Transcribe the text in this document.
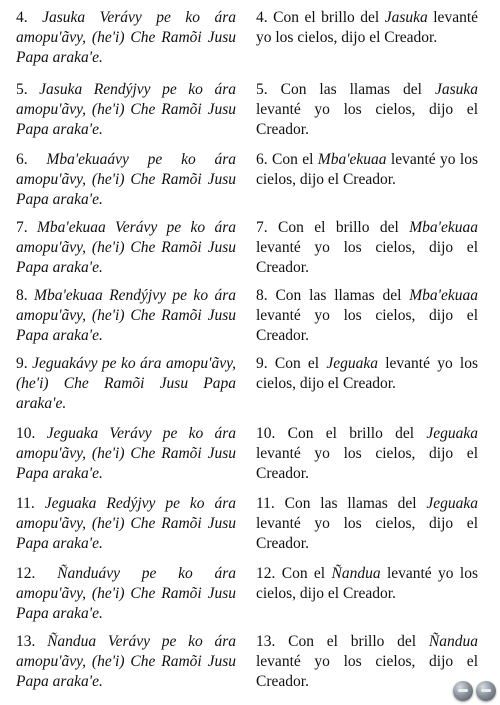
4. Jasuka Verávy pe ko ára amopu'ãvy, (he'i) Che Ramõi Jusu Papa araka'e.

5. Jasuka Rendýjvy pe ko ára amopu'ãvy, (he'i) Che Ramõi Jusu Papa araka'e.

6. Mba'ekuaávy pe ko ára amopu'ãvy, (he'i) Che Ramõi Jusu Papa araka'e.

7. Mba'ekuaa Verávy pe ko ára amopu'ãvy, (he'i) Che Ramõi Jusu Papa araka'e.

8. Mba'ekuaa Rendýjvy pe ko ára amopu'ãvy, (he'i) Che Ramõi Jusu Papa araka'e.

9. Jeguakávy pe ko ára amopu'ãvy, (he'i) Che Ramõi Jusu Papa araka'e.

10. Jeguaka Verávy pe ko ára amopu'ãvy, (he'i) Che Ramõi Jusu Papa araka'e.

11. Jeguaka Redýjvy pe ko ára amopu'ãvy, (he'i) Che Ramõi Jusu Papa araka'e.

12. Ñanduávy pe ko ára amopu'ãvy, (he'i) Che Ramõi Jusu Papa araka'e.

13. Ñandua Verávy pe ko ára amopu'ãvy, (he'i) Che Ramõi Jusu Papa araka'e.

4. Con el brillo del Jasuka levanté yo los cielos, dijo el Creador.

5. Con las llamas del Jasuka levanté yo los cielos, dijo el Creador.

6. Con el Mba'ekuaa levanté yo los cielos, dijo el Creador.

7. Con el brillo del Mba'ekuaa levanté yo los cielos, dijo el Creador.

8. Con las llamas del Mba'ekuaa levanté yo los cielos, dijo el Creador.

9. Con el Jeguaka levanté yo los cielos, dijo el Creador.

10. Con el brillo del Jeguaka levanté yo los cielos, dijo el Creador.

11. Con las llamas del Jeguaka levanté yo los cielos, dijo el Creador.

12. Con el Ñandua levanté yo los cielos, dijo el Creador.

13. Con el brillo del Ñandua levanté yo los cielos, dijo el Creador.
